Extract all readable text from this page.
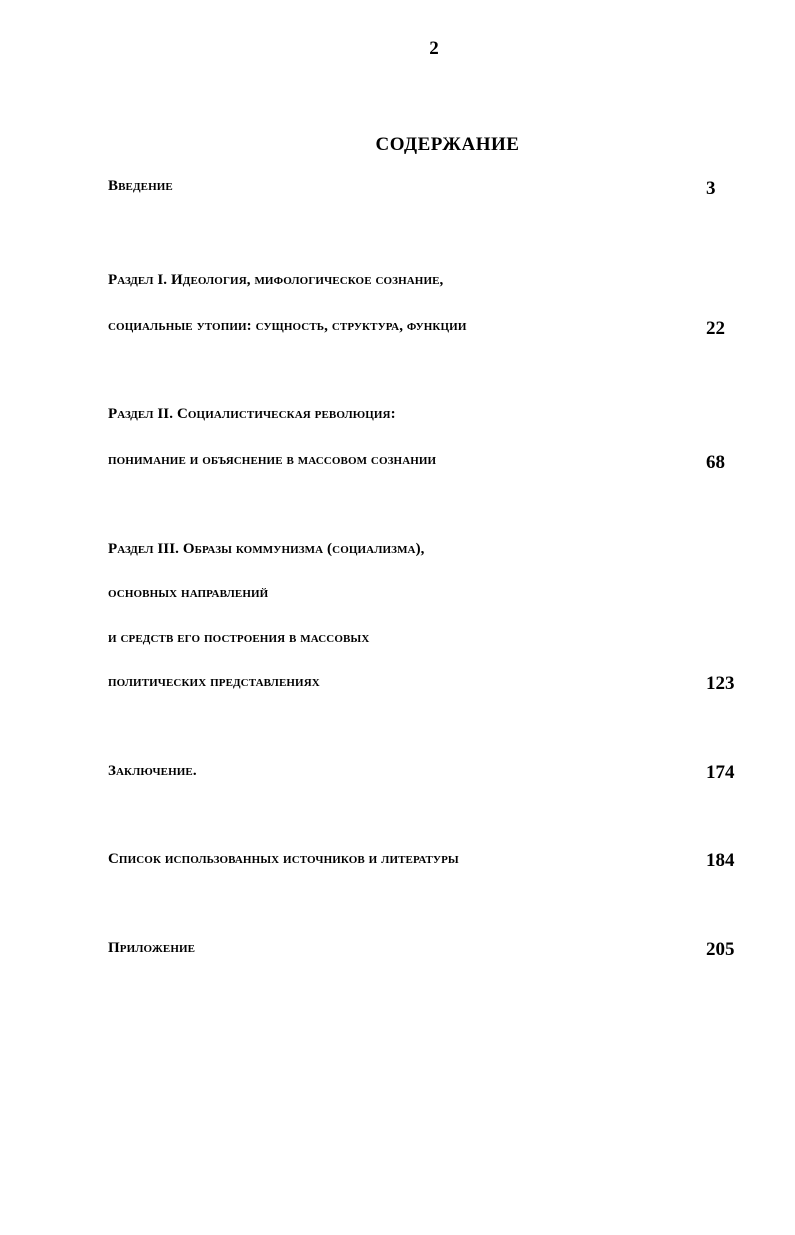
2
СОДЕРЖАНИЕ
Введение	3
Раздел I. Идеология, мифологическое сознание,
социальные утопии: сущность, структура, функции	22
Раздел II. Социалистическая революция:
понимание и объяснение в массовом сознании	68
Раздел III. Образы коммунизма (социализма),
основных направлений
и средств его построения в массовых
политических представлениях	123
Заключение.	174
Список использованных источников и литературы	184
Приложение	205
